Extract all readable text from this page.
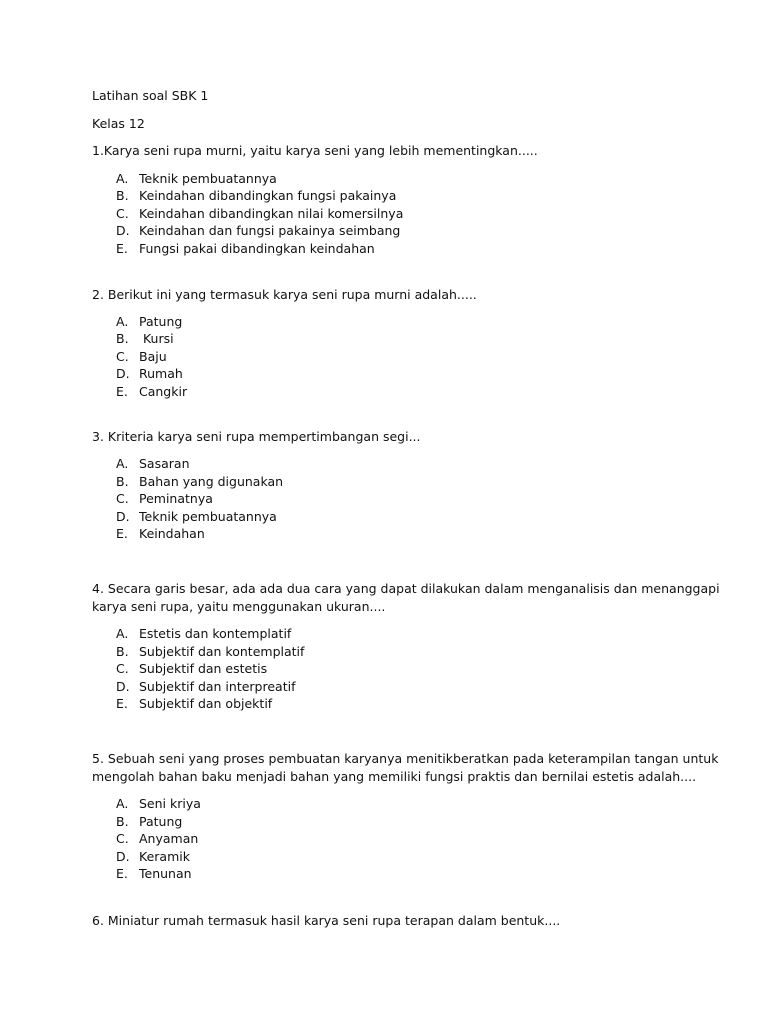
Latihan soal SBK 1
Kelas 12
1.Karya seni rupa murni, yaitu karya seni yang lebih mementingkan.....
A. Teknik pembuatannya
B. Keindahan dibandingkan fungsi pakainya
C. Keindahan dibandingkan nilai komersilnya
D. Keindahan dan fungsi pakainya seimbang
E. Fungsi pakai dibandingkan keindahan
2. Berikut ini yang termasuk karya seni rupa murni adalah.....
A. Patung
B. Kursi
C. Baju
D. Rumah
E. Cangkir
3. Kriteria karya seni rupa mempertimbangan segi...
A. Sasaran
B. Bahan yang digunakan
C. Peminatnya
D. Teknik pembuatannya
E. Keindahan
4. Secara garis besar, ada ada dua cara yang dapat dilakukan dalam menganalisis dan menanggapi
karya seni rupa, yaitu menggunakan ukuran....
A. Estetis dan kontemplatif
B. Subjektif dan kontemplatif
C. Subjektif dan estetis
D. Subjektif dan interpreatif
E. Subjektif dan objektif
5. Sebuah seni yang proses pembuatan karyanya menitikberatkan pada keterampilan tangan untuk
mengolah bahan baku menjadi bahan yang memiliki fungsi praktis dan bernilai estetis adalah....
A. Seni kriya
B. Patung
C. Anyaman
D. Keramik
E. Tenunan
6. Miniatur rumah termasuk hasil karya seni rupa terapan dalam bentuk....
